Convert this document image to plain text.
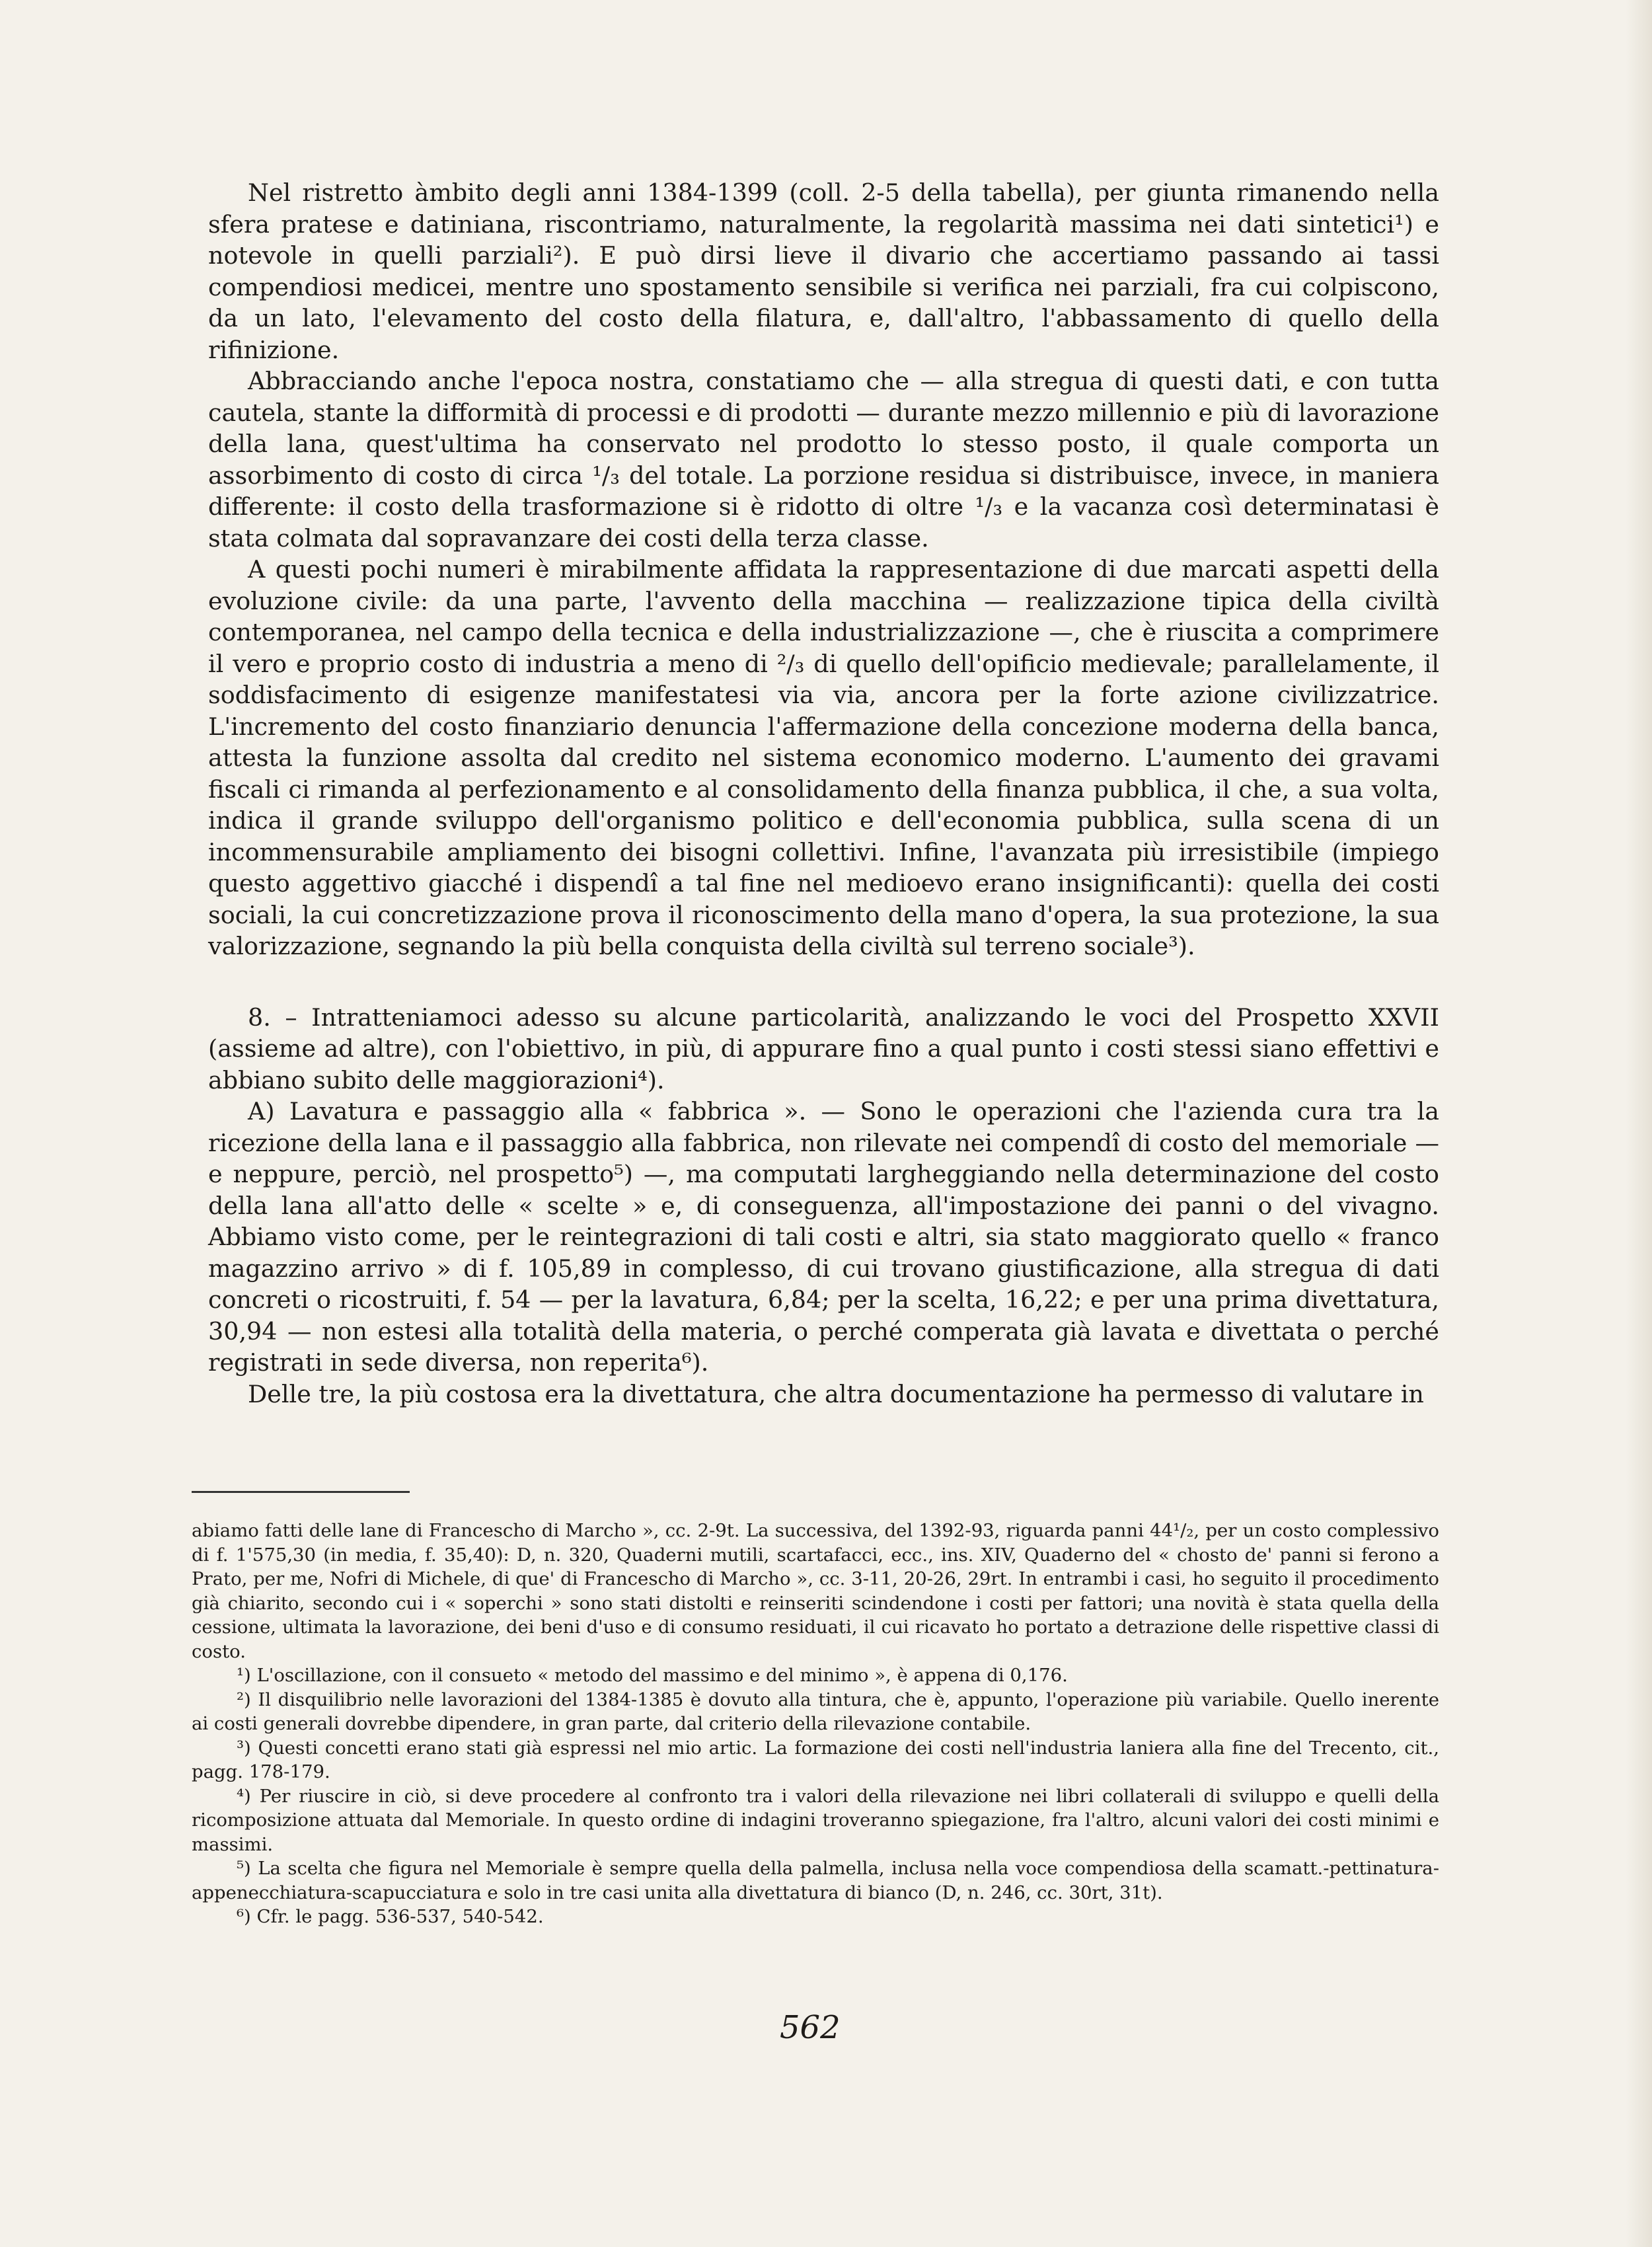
Nel ristretto àmbito degli anni 1384-1399 (coll. 2-5 della tabella), per giunta rimanendo nella sfera pratese e datiniana, riscontriamo, naturalmente, la regolarità massima nei dati sintetici¹) e notevole in quelli parziali²). E può dirsi lieve il divario che accertiamo passando ai tassi compendiosi medicei, mentre uno spostamento sensibile si verifica nei parziali, fra cui colpiscono, da un lato, l'elevamento del costo della filatura, e, dall'altro, l'abbassamento di quello della rifinizione.

Abbracciando anche l'epoca nostra, constatiamo che — alla stregua di questi dati, e con tutta cautela, stante la difformità di processi e di prodotti — durante mezzo millennio e più di lavorazione della lana, quest'ultima ha conservato nel prodotto lo stesso posto, il quale comporta un assorbimento di costo di circa ¹/₃ del totale. La porzione residua si distribuisce, invece, in maniera differente: il costo della trasformazione si è ridotto di oltre ¹/₃ e la vacanza così determinatasi è stata colmata dal sopravanzare dei costi della terza classe.

A questi pochi numeri è mirabilmente affidata la rappresentazione di due marcati aspetti della evoluzione civile: da una parte, l'avvento della macchina — realizzazione tipica della civiltà contemporanea, nel campo della tecnica e della industrializzazione —, che è riuscita a comprimere il vero e proprio costo di industria a meno di ²/₃ di quello dell'opificio medievale; parallelamente, il soddisfacimento di esigenze manifestatesi via via, ancora per la forte azione civilizzatrice. L'incremento del costo finanziario denuncia l'affermazione della concezione moderna della banca, attesta la funzione assolta dal credito nel sistema economico moderno. L'aumento dei gravami fiscali ci rimanda al perfezionamento e al consolidamento della finanza pubblica, il che, a sua volta, indica il grande sviluppo dell'organismo politico e dell'economia pubblica, sulla scena di un incommensurabile ampliamento dei bisogni collettivi. Infine, l'avanzata più irresistibile (impiego questo aggettivo giacché i dispendî a tal fine nel medioevo erano insignificanti): quella dei costi sociali, la cui concretizzazione prova il riconoscimento della mano d'opera, la sua protezione, la sua valorizzazione, segnando la più bella conquista della civiltà sul terreno sociale³).

8. – Intratteniamoci adesso su alcune particolarità, analizzando le voci del Prospetto XXVII (assieme ad altre), con l'obiettivo, in più, di appurare fino a qual punto i costi stessi siano effettivi e abbiano subito delle maggiorazioni⁴).

A) Lavatura e passaggio alla « fabbrica ». — Sono le operazioni che l'azienda cura tra la ricezione della lana e il passaggio alla fabbrica, non rilevate nei compendî di costo del memoriale — e neppure, perciò, nel prospetto⁵) —, ma computati largheggiando nella determinazione del costo della lana all'atto delle « scelte » e, di conseguenza, all'impostazione dei panni o del vivagno. Abbiamo visto come, per le reintegrazioni di tali costi e altri, sia stato maggiorato quello « franco magazzino arrivo » di f. 105,89 in complesso, di cui trovano giustificazione, alla stregua di dati concreti o ricostruiti, f. 54 — per la lavatura, 6,84; per la scelta, 16,22; e per una prima divettatura, 30,94 — non estesi alla totalità della materia, o perché comperata già lavata e divettata o perché registrati in sede diversa, non reperita⁶).

Delle tre, la più costosa era la divettatura, che altra documentazione ha permesso di valutare in

abiamo fatti delle lane di Francescho di Marcho », cc. 2-9t. La successiva, del 1392-93, riguarda panni 44¹/₂, per un costo complessivo di f. 1'575,30 (in media, f. 35,40): D, n. 320, Quaderni mutili, scartafacci, ecc., ins. XIV, Quaderno del « chosto de' panni si ferono a Prato, per me, Nofri di Michele, di que' di Francescho di Marcho », cc. 3-11, 20-26, 29rt. In entrambi i casi, ho seguito il procedimento già chiarito, secondo cui i « soperchi » sono stati distolti e reinseriti scindendone i costi per fattori; una novità è stata quella della cessione, ultimata la lavorazione, dei beni d'uso e di consumo residuati, il cui ricavato ho portato a detrazione delle rispettive classi di costo.

¹) L'oscillazione, con il consueto « metodo del massimo e del minimo », è appena di 0,176.

²) Il disquilibrio nelle lavorazioni del 1384-1385 è dovuto alla tintura, che è, appunto, l'operazione più variabile. Quello inerente ai costi generali dovrebbe dipendere, in gran parte, dal criterio della rilevazione contabile.

³) Questi concetti erano stati già espressi nel mio artic. La formazione dei costi nell'industria laniera alla fine del Trecento, cit., pagg. 178-179.

⁴) Per riuscire in ciò, si deve procedere al confronto tra i valori della rilevazione nei libri collaterali di sviluppo e quelli della ricomposizione attuata dal Memoriale. In questo ordine di indagini troveranno spiegazione, fra l'altro, alcuni valori dei costi minimi e massimi.

⁵) La scelta che figura nel Memoriale è sempre quella della palmella, inclusa nella voce compendiosa della scamatt.-pettinatura-appenecchiatura-scapucciatura e solo in tre casi unita alla divettatura di bianco (D, n. 246, cc. 30rt, 31t).

⁶) Cfr. le pagg. 536-537, 540-542.

562
